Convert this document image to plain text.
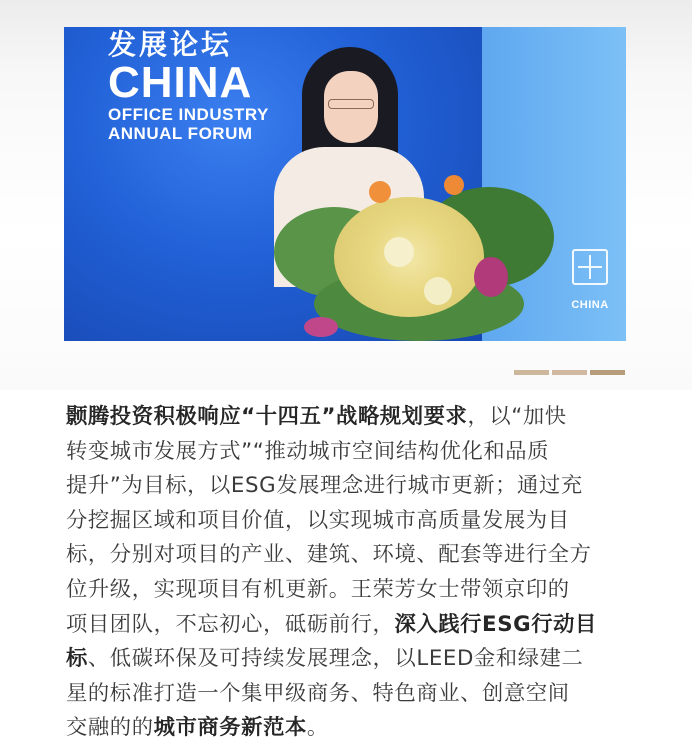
发展论坛
CHINA
OFFICE INDUSTRY
ANNUAL FORUM
CHINA

颢腾投资积极响应“十四五”战略规划要求，以“加快
转变城市发展方式”“推动城市空间结构优化和品质
提升”为目标，以ESG发展理念进行城市更新；通过充
分挖掘区域和项目价值，以实现城市高质量发展为目
标，分别对项目的产业、建筑、环境、配套等进行全方
位升级，实现项目有机更新。王荣芳女士带领京印的
项目团队，不忘初心，砥砺前行，深入践行ESG行动目
标、低碳环保及可持续发展理念，以LEED金和绿建二
星的标准打造一个集甲级商务、特色商业、创意空间
交融的的城市商务新范本。
